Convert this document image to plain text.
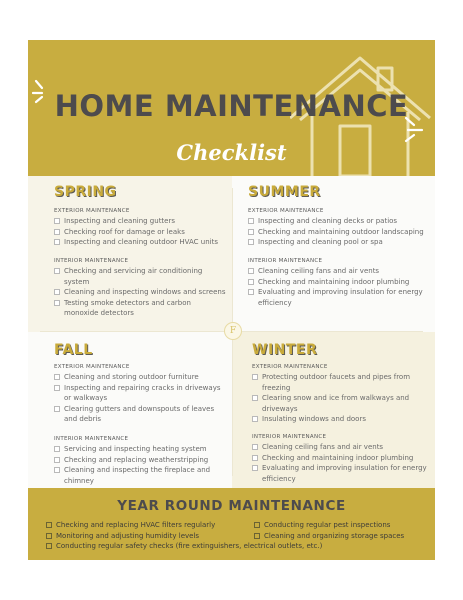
HOME MAINTENANCE
Checklist
SPRING
EXTERIOR MAINTENANCE
Inspecting and cleaning gutters
Checking roof for damage or leaks
Inspecting and cleaning outdoor HVAC units
INTERIOR MAINTENANCE
Checking and servicing air conditioning system
Cleaning and inspecting windows and screens
Testing smoke detectors and carbon monoxide detectors
SUMMER
EXTERIOR MAINTENANCE
Inspecting and cleaning decks or patios
Checking and maintaining outdoor landscaping
Inspecting and cleaning pool or spa
INTERIOR MAINTENANCE
Cleaning ceiling fans and air vents
Checking and maintaining indoor plumbing
Evaluating and improving insulation for energy efficiency
FALL
EXTERIOR MAINTENANCE
Cleaning and storing outdoor furniture
Inspecting and repairing cracks in driveways or walkways
Clearing gutters and downspouts of leaves and debris
INTERIOR MAINTENANCE
Servicing and inspecting heating system
Checking and replacing weatherstripping
Cleaning and inspecting the fireplace and chimney
WINTER
EXTERIOR MAINTENANCE
Protecting outdoor faucets and pipes from freezing
Clearing snow and ice from walkways and driveways
Insulating windows and doors
INTERIOR MAINTENANCE
Cleaning ceiling fans and air vents
Checking and maintaining indoor plumbing
Evaluating and improving insulation for energy efficiency
F
YEAR ROUND MAINTENANCE
Checking and replacing HVAC filters regularly
Monitoring and adjusting humidity levels
Conducting regular safety checks (fire extinguishers, electrical outlets, etc.)
Conducting regular pest inspections
Cleaning and organizing storage spaces
